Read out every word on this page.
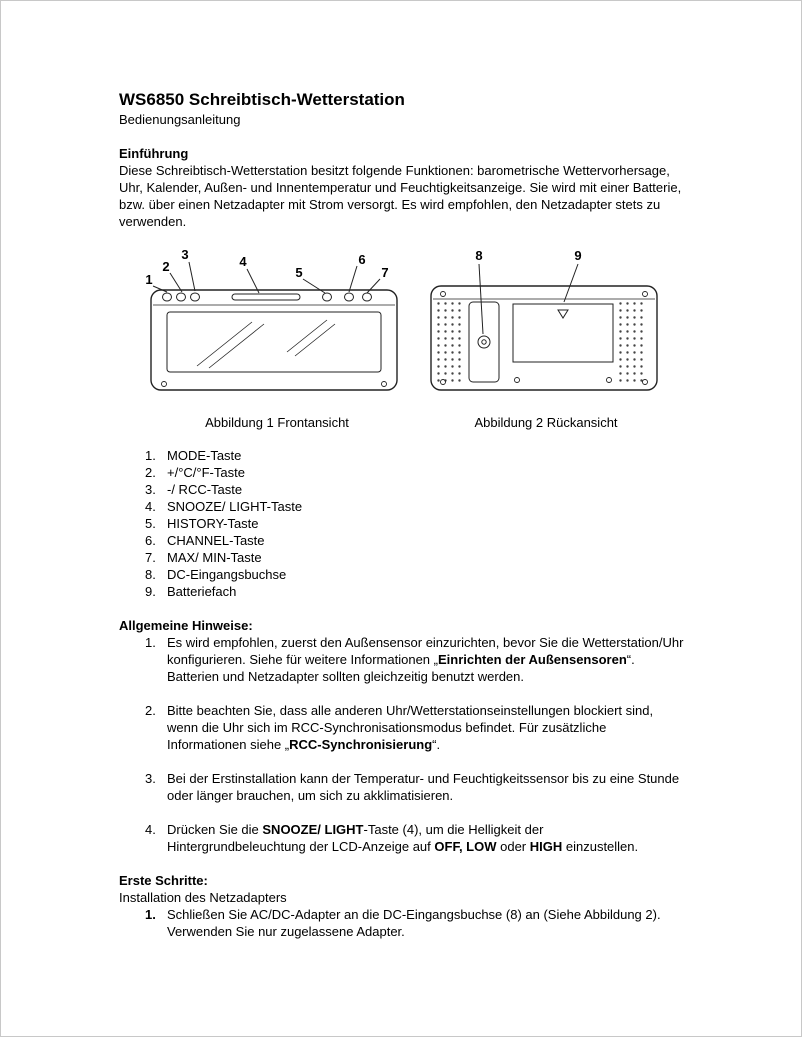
WS6850 Schreibtisch-Wetterstation
Bedienungsanleitung
Einführung

Diese Schreibtisch-Wetterstation besitzt folgende Funktionen: barometrische Wettervorhersage, Uhr, Kalender, Außen- und Innentemperatur und Feuchtigkeitsanzeige. Sie wird mit einer Batterie, bzw. über einen Netzadapter mit Strom versorgt. Es wird empfohlen, den Netzadapter stets zu verwenden.

1
2
3	4
5
6
7
Abbildung 1 Frontansicht
8	9
Abbildung 2 Rückansicht
1. MODE-Taste
2. +/°C/°F-Taste
3. -/ RCC-Taste
4. SNOOZE/ LIGHT-Taste
5. HISTORY-Taste
6. CHANNEL-Taste
7. MAX/ MIN-Taste
8. DC-Eingangsbuchse
9. Batteriefach
Allgemeine Hinweise:
1. Es wird empfohlen, zuerst den Außensensor einzurichten, bevor Sie die Wetterstation/Uhr konfigurieren. Siehe für weitere Informationen „Einrichten der Außensensoren“. Batterien und Netzadapter sollten gleichzeitig benutzt werden.
2. Bitte beachten Sie, dass alle anderen Uhr/Wetterstationseinstellungen blockiert sind, wenn die Uhr sich im RCC-Synchronisationsmodus befindet. Für zusätzliche Informationen siehe „RCC-Synchronisierung“.
3. Bei der Erstinstallation kann der Temperatur- und Feuchtigkeitssensor bis zu eine Stunde oder länger brauchen, um sich zu akklimatisieren.
4. Drücken Sie die SNOOZE/ LIGHT-Taste (4), um die Helligkeit der Hintergrundbeleuchtung der LCD-Anzeige auf OFF, LOW oder HIGH einzustellen.
Erste Schritte:
Installation des Netzadapters
1. Schließen Sie AC/DC-Adapter an die DC-Eingangsbuchse (8) an (Siehe Abbildung 2). Verwenden Sie nur zugelassene Adapter.
